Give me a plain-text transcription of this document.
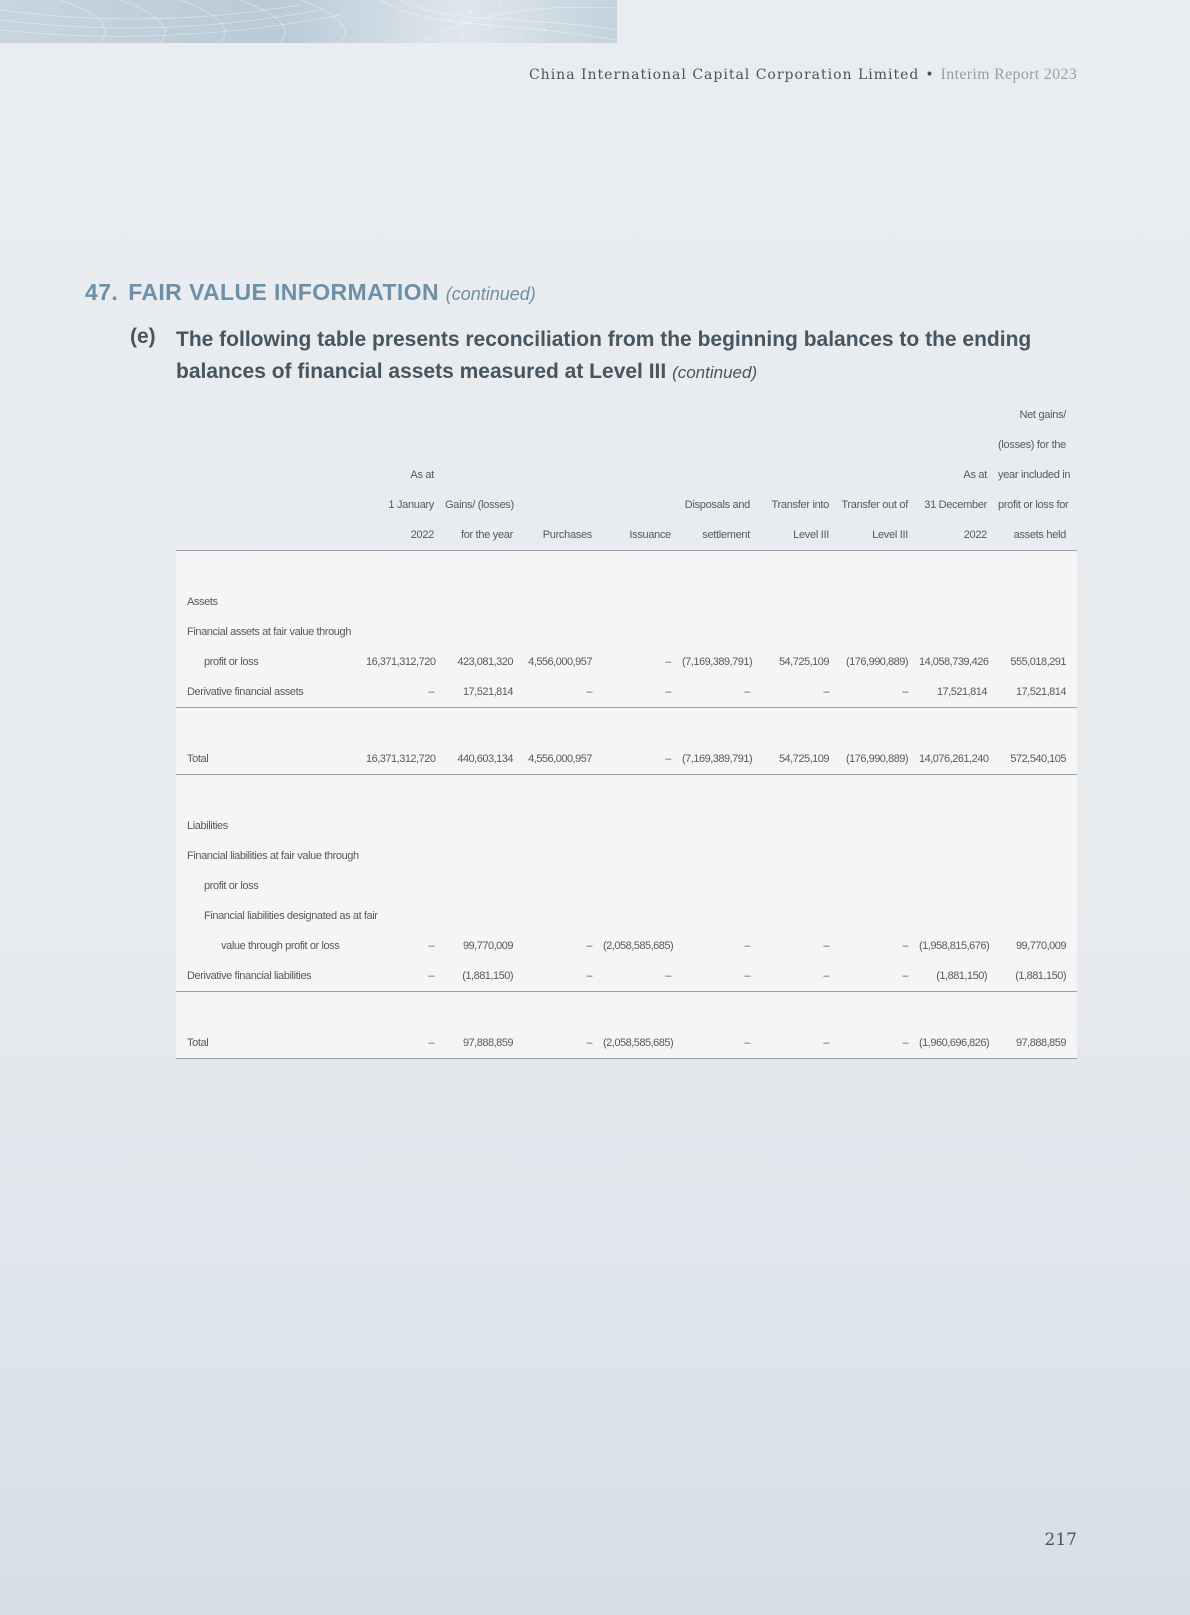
China International Capital Corporation Limited • Interim Report 2023
47. FAIR VALUE INFORMATION (continued)
(e) The following table presents reconciliation from the beginning balances to the ending balances of financial assets measured at Level III (continued)
									Net gains/
									(losses) for the
	As at							As at	year included in
	1 January	Gains/ (losses)			Disposals and	Transfer into	Transfer out of	31 December	profit or loss for
	2022	for the year	Purchases	Issuance	settlement	Level III	Level III	2022	assets held

Assets									
Financial assets at fair value through									
profit or loss	16,371,312,720	423,081,320	4,556,000,957	–	(7,169,389,791)	54,725,109	(176,990,889)	14,058,739,426	555,018,291
Derivative financial assets	–	17,521,814	–	–	–	–	–	17,521,814	17,521,814

Total	16,371,312,720	440,603,134	4,556,000,957	–	(7,169,389,791)	54,725,109	(176,990,889)	14,076,261,240	572,540,105

Liabilities									
Financial liabilities at fair value through									
profit or loss									
Financial liabilities designated as at fair									
value through profit or loss	–	99,770,009	–	(2,058,585,685)	–	–	–	(1,958,815,676)	99,770,009
Derivative financial liabilities	–	(1,881,150)	–	–	–	–	–	(1,881,150)	(1,881,150)

Total	–	97,888,859	–	(2,058,585,685)	–	–	–	(1,960,696,826)	97,888,859
217
